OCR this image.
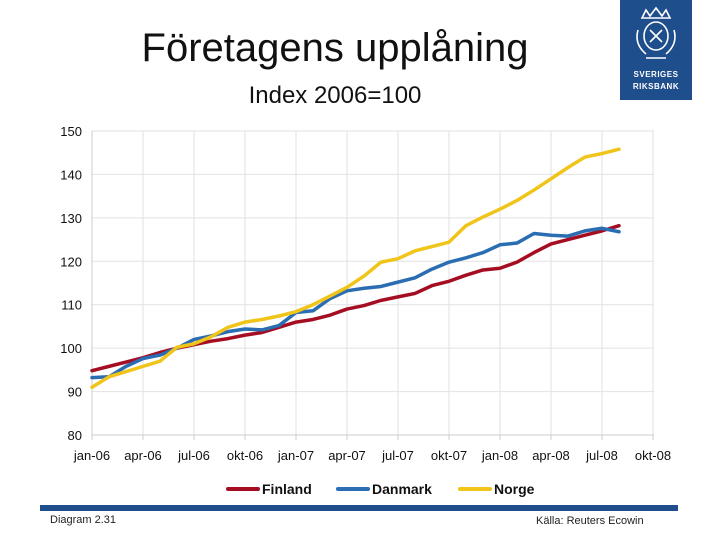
Företagens upplåning
Index 2006=100
SVERIGES
RIKSBANK
80
90
100
110
120
130
140
150
jan-06 apr-06 jul-06 okt-06 jan-07 apr-07 jul-07 okt-07 jan-08 apr-08 jul-08 okt-08
Finland	Danmark	Norge
Diagram 2.31	Källa: Reuters Ecowin
